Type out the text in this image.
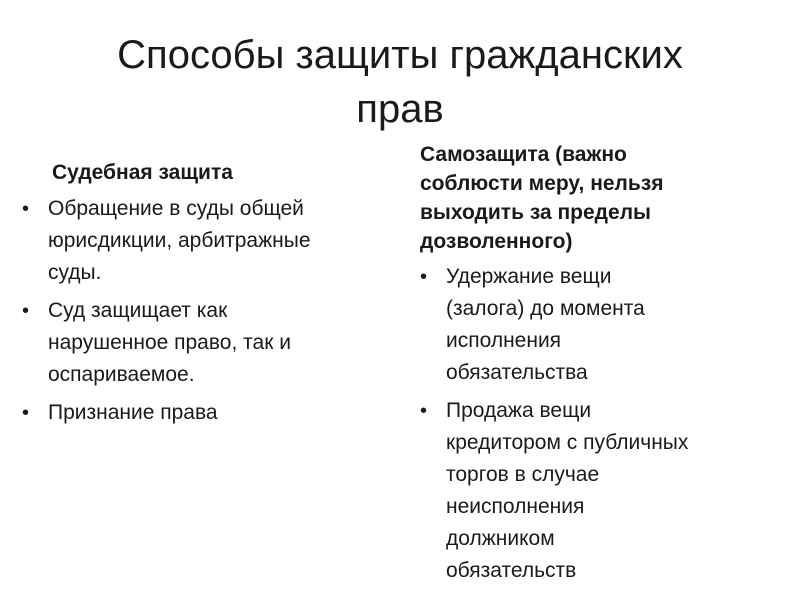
Способы защиты гражданских
прав
Судебная защита
• Обращение в суды общей
юрисдикции, арбитражные
суды.
• Суд защищает как
нарушенное право, так и
оспариваемое.
• Признание права
Самозащита (важно
соблюсти меру, нельзя
выходить за пределы
дозволенного)
• Удержание вещи
(залога) до момента
исполнения
обязательства
• Продажа вещи
кредитором с публичных
торгов в случае
неисполнения
должником
обязательств
